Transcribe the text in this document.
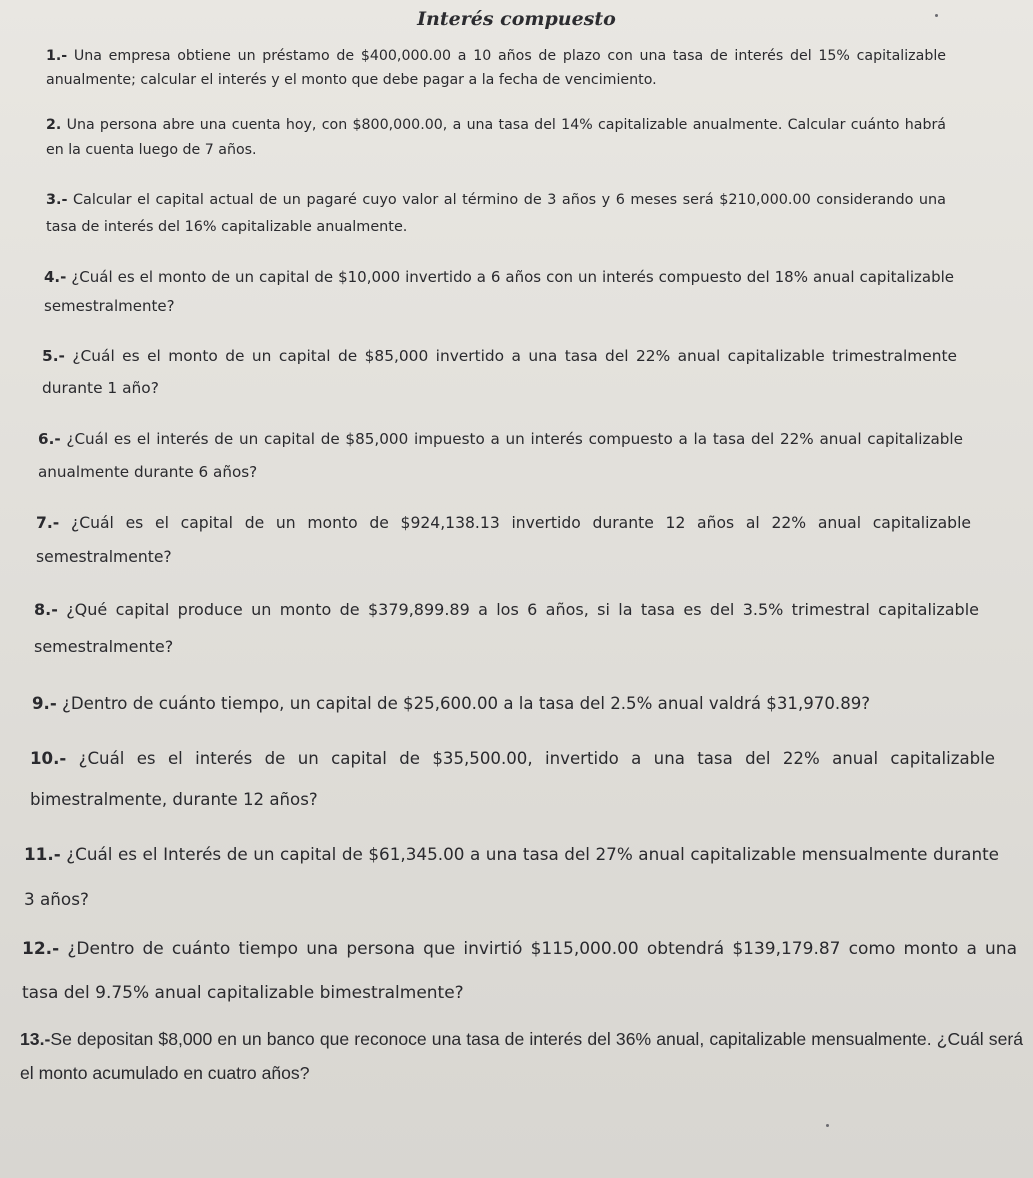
Interés compuesto

1.- Una empresa obtiene un préstamo de $400,000.00 a 10 años de plazo con una tasa de interés del 15% capitalizable anualmente; calcular el interés y el monto que debe pagar a la fecha de vencimiento.

2. Una persona abre una cuenta hoy, con $800,000.00, a una tasa del 14% capitalizable anualmente. Calcular cuánto habrá en la cuenta luego de 7 años.

3.- Calcular el capital actual de un pagaré cuyo valor al término de 3 años y 6 meses será $210,000.00 considerando una tasa de interés del 16% capitalizable anualmente.

4.- ¿Cuál es el monto de un capital de $10,000 invertido a 6 años con un interés compuesto del 18% anual capitalizable semestralmente?

5.- ¿Cuál es el monto de un capital de $85,000 invertido a una tasa del 22% anual capitalizable trimestralmente durante 1 año?

6.- ¿Cuál es el interés de un capital de $85,000 impuesto a un interés compuesto a la tasa del 22% anual capitalizable anualmente durante 6 años?

7.- ¿Cuál es el capital de un monto de $924,138.13 invertido durante 12 años al 22% anual capitalizable semestralmente?

8.- ¿Qué capital produce un monto de $379,899.89 a los 6 años, si la tasa es del 3.5% trimestral capitalizable semestralmente?

9.- ¿Dentro de cuánto tiempo, un capital de $25,600.00 a la tasa del 2.5% anual valdrá $31,970.89?

10.- ¿Cuál es el interés de un capital de $35,500.00, invertido a una tasa del 22% anual capitalizable bimestralmente, durante 12 años?

11.- ¿Cuál es el Interés de un capital de $61,345.00 a una tasa del 27% anual capitalizable mensualmente durante 3 años?

12.- ¿Dentro de cuánto tiempo una persona que invirtió $115,000.00 obtendrá $139,179.87 como monto a una tasa del 9.75% anual capitalizable bimestralmente?

13.-Se depositan $8,000 en un banco que reconoce una tasa de interés del 36% anual, capitalizable mensualmente. ¿Cuál será el monto acumulado en cuatro años?
